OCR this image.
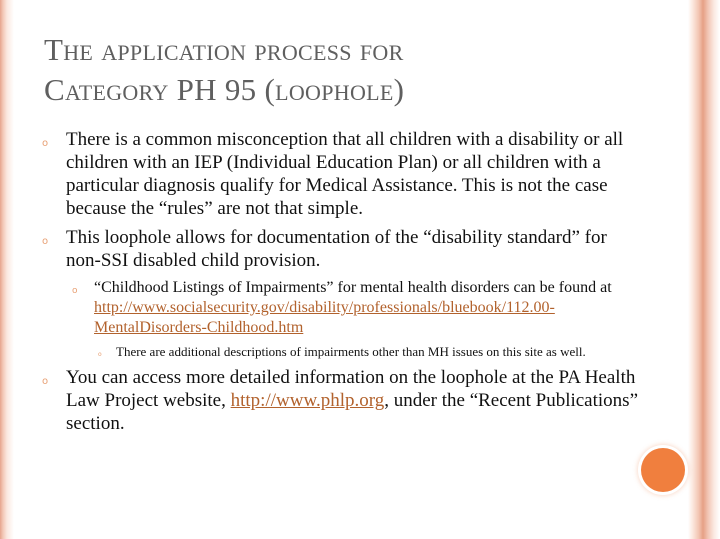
The application process for
Category PH 95 (loophole)
o There is a common misconception that all children with a disability or all children with an IEP (Individual Education Plan) or all children with a particular diagnosis qualify for Medical Assistance. This is not the case because the “rules” are not that simple.
o This loophole allows for documentation of the “disability standard” for non-SSI disabled child provision.
o “Childhood Listings of Impairments” for mental health disorders can be found at http://www.socialsecurity.gov/disability/professionals/bluebook/112.00-MentalDisorders-Childhood.htm
o There are additional descriptions of impairments other than MH issues on this site as well.
o You can access more detailed information on the loophole at the PA Health Law Project website, http://www.phlp.org, under the “Recent Publications” section.
